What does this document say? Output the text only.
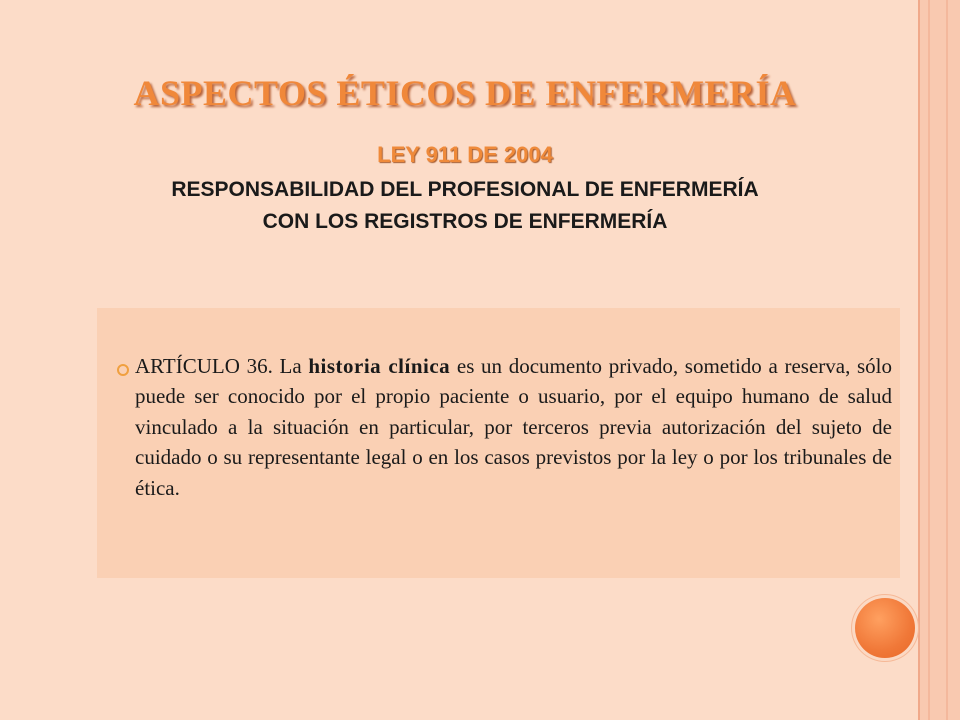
ASPECTOS ÉTICOS DE ENFERMERÍA
LEY 911 DE 2004
RESPONSABILIDAD DEL PROFESIONAL DE ENFERMERÍA
CON LOS REGISTROS DE ENFERMERÍA
ARTÍCULO 36. La historia clínica es un documento privado, sometido a reserva, sólo puede ser conocido por el propio paciente o usuario, por el equipo humano de salud vinculado a la situación en particular, por terceros previa autorización del sujeto de cuidado o su representante legal o en los casos previstos por la ley o por los tribunales de ética.
